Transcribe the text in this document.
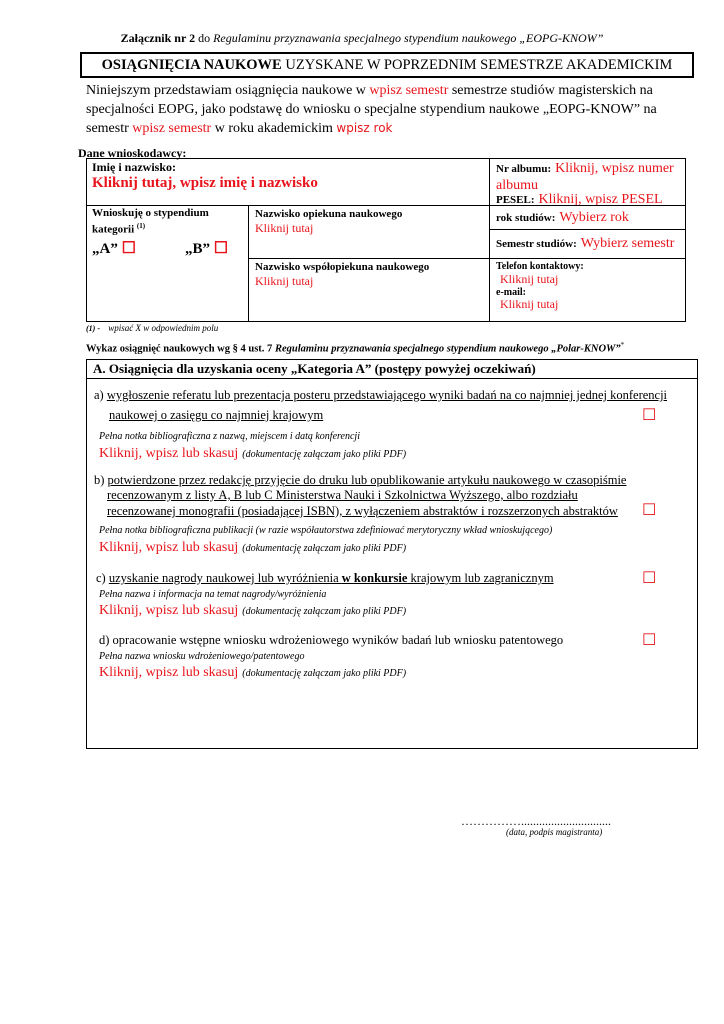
Załącznik nr 2 do Regulaminu przyznawania specjalnego stypendium naukowego „EOPG-KNOW”
OSIĄGNIĘCIA NAUKOWE UZYSKANE W POPRZEDNIM SEMESTRZE AKADEMICKIM
Niniejszym przedstawiam osiągnięcia naukowe w wpisz semestr semestrze studiów magisterskich na specjalności EOPG, jako podstawę do wniosku o specjalne stypendium naukowe „EOPG-KNOW” na semestr wpisz semestr w roku akademickim wpisz rok
Dane wnioskodawcy:
Imię i nazwisko:
Kliknij tutaj, wpisz imię i nazwisko
Nr albumu: Kliknij, wpisz numer albumu
PESEL: Kliknij, wpisz PESEL
Wnioskuję o stypendium kategorii $^{(1)}$
„A” ☐	„B” ☐
Nazwisko opiekuna naukowego
Kliknij tutaj
Nazwisko współopiekuna naukowego
Kliknij tutaj
rok studiów: Wybierz rok
Semestr studiów: Wybierz semestr
Telefon kontaktowy:
Kliknij tutaj
e-mail:
Kliknij tutaj
(1) - wpisać X w odpowiednim polu
Wykaz osiągnięć naukowych wg § 4 ust. 7 Regulaminu przyznawania specjalnego stypendium naukowego „Polar-KNOW”*
A. Osiągnięcia dla uzyskania oceny „Kategoria A” (postępy powyżej oczekiwań)
a) wygłoszenie referatu lub prezentacja posteru przedstawiającego wyniki badań na co najmniej jednej konferencji
naukowej o zasięgu co najmniej krajowym	☐
Pełna notka bibliograficzna z nazwą, miejscem i datą konferencji
Kliknij, wpisz lub skasuj (dokumentację załączam jako pliki PDF)
b) potwierdzone przez redakcję przyjęcie do druku lub opublikowanie artykułu naukowego w czasopiśmie
recenzowanym z listy A, B lub C Ministerstwa Nauki i Szkolnictwa Wyższego, albo rozdziału
recenzowanej monografii (posiadającej ISBN), z wyłączeniem abstraktów i rozszerzonych abstraktów ☐
Pełna notka bibliograficzna publikacji (w razie współautorstwa zdefiniować merytoryczny wkład wnioskującego)
Kliknij, wpisz lub skasuj (dokumentację załączam jako pliki PDF)
c) uzyskanie nagrody naukowej lub wyróżnienia w konkursie krajowym lub zagranicznym	☐
Pełna nazwa i informacja na temat nagrody/wyróżnienia
Kliknij, wpisz lub skasuj (dokumentację załączam jako pliki PDF)
d) opracowanie wstępne wniosku wdrożeniowego wyników badań lub wniosku patentowego	☐
Pełna nazwa wniosku wdrożeniowego/patentowego
Kliknij, wpisz lub skasuj (dokumentację załączam jako pliki PDF)
……………..............................
(data, podpis magistranta)
